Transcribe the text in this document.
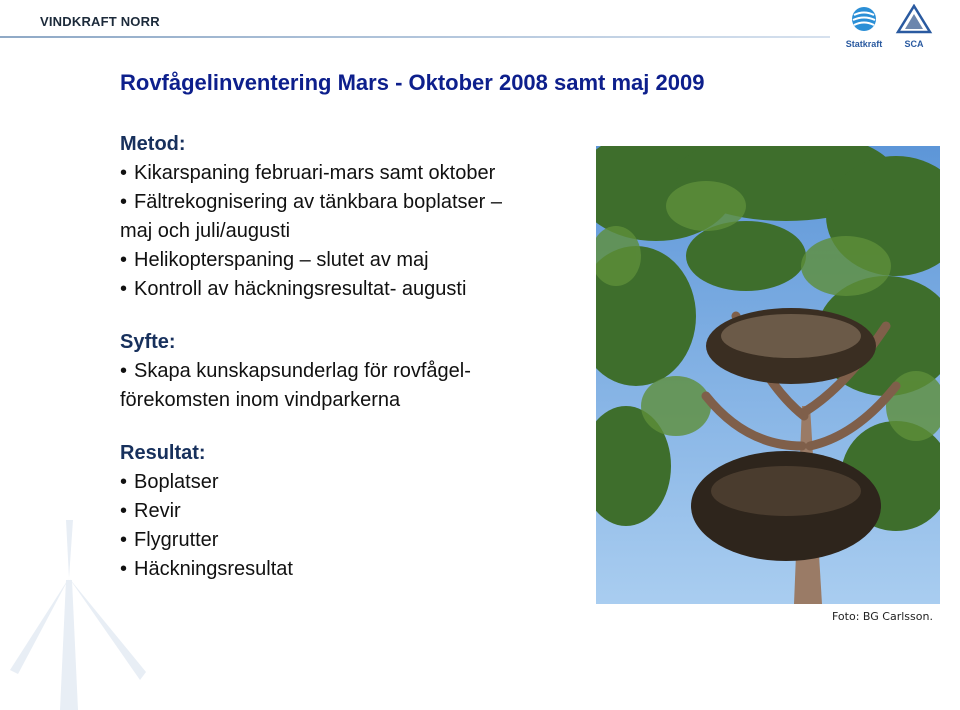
VINDKRAFT NORR
Statkraft	SCA
Rovfågelinventering Mars - Oktober 2008 samt maj 2009
Metod:
• Kikarspaning februari-mars samt oktober
• Fältrekognisering av tänkbara boplatser –
maj och juli/augusti
• Helikopterspaning – slutet av maj
• Kontroll av häckningsresultat- augusti
Syfte:
• Skapa kunskapsunderlag för rovfågel-
förekomsten inom vindparkerna
Resultat:
• Boplatser
• Revir
• Flygrutter
• Häckningsresultat
Foto: BG Carlsson.
